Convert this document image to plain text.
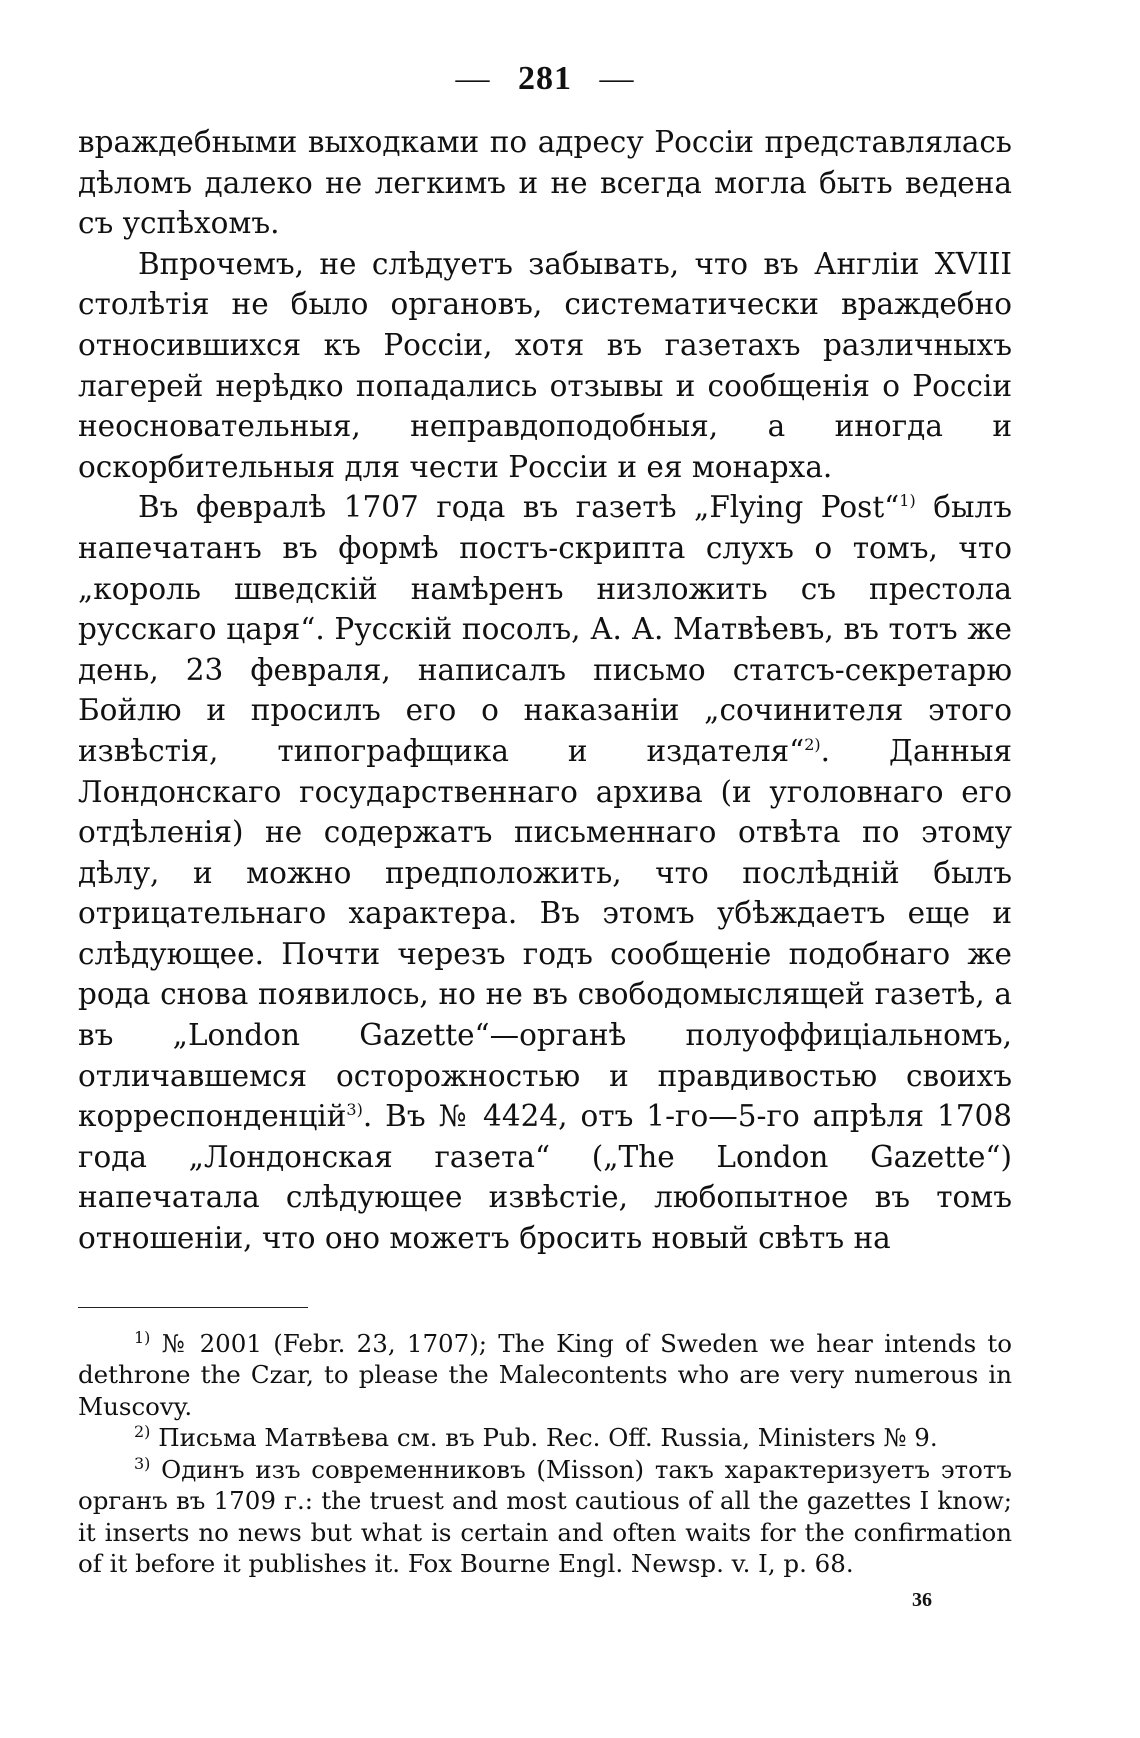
— 281 —

враждебными выходками по адресу Россіи представлялась дѣломъ далеко не легкимъ и не всегда могла быть ведена съ успѣхомъ.

Впрочемъ, не слѣдуетъ забывать, что въ Англіи XVIII столѣтія не было органовъ, систематически враждебно относившихся къ Россіи, хотя въ газетахъ различныхъ лагерей нерѣдко попадались отзывы и сообщенія о Россіи неосновательныя, неправдоподобныя, а иногда и оскорбительныя для чести Россіи и ея монарха.

Въ февралѣ 1707 года въ газетѣ „Flying Post“$^{1)}$ былъ напечатанъ въ формѣ постъ-скрипта слухъ о томъ, что „король шведскій намѣренъ низложить съ престола русскаго царя“. Русскій посолъ, А. А. Матвѣевъ, въ тотъ же день, 23 февраля, написалъ письмо статсъ-секретарю Бойлю и просилъ его о наказаніи „сочинителя этого извѣстія, типографщика и издателя“$^{2)}$. Данныя Лондонскаго государственнаго архива (и уголовнаго его отдѣленія) не содержатъ письменнаго отвѣта по этому дѣлу, и можно предположить, что послѣдній былъ отрицательнаго характера. Въ этомъ убѣждаетъ еще и слѣдующее. Почти черезъ годъ сообщеніе подобнаго же рода снова появилось, но не въ свободомыслящей газетѣ, а въ „London Gazette“—органѣ полуоффиціальномъ, отличавшемся осторожностью и правдивостью своихъ корреспонденцій$^{3)}$. Въ № 4424, отъ 1-го—5-го апрѣля 1708 года „Лондонская газета“ („The London Gazette“) напечатала слѣдующее извѣстіе, любопытное въ томъ отношеніи, что оно можетъ бросить новый свѣтъ на

$^{1)}$ № 2001 (Febr. 23, 1707); The King of Sweden we hear intends to dethrone the Czar, to please the Malecontents who are very numerous in Muscovy.

$^{2)}$ Письма Матвѣева см. въ Pub. Rec. Off. Russia, Ministers № 9.

$^{3)}$ Одинъ изъ современниковъ (Misson) такъ характеризуетъ этотъ органъ въ 1709 г.: the truest and most cautious of all the gazettes I know; it inserts no news but what is certain and often waits for the confirmation of it before it publishes it. Fox Bourne Engl. Newsp. v. I, p. 68.

36
